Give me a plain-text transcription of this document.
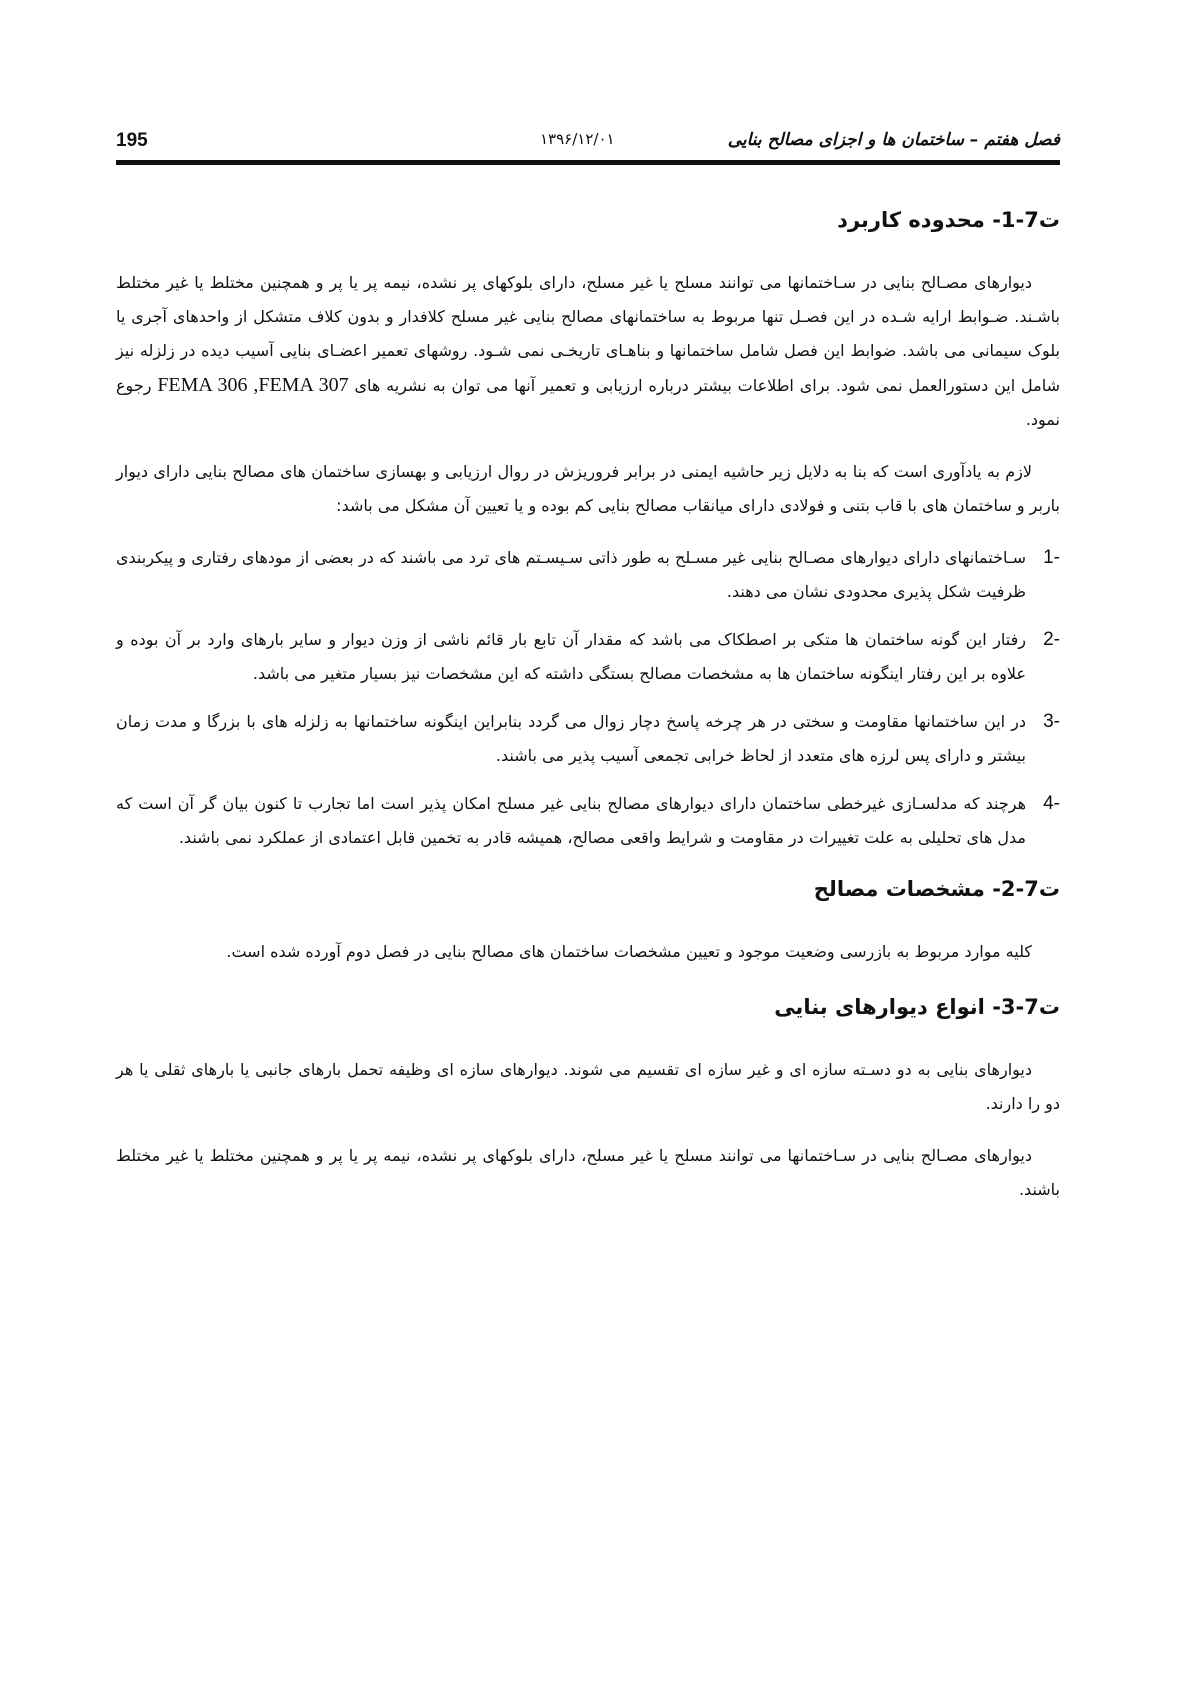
195	۱۳۹۶/۱۲/۰۱	فصل هفتم – ساختمان ها و اجزای مصالح بنایی
ت7-1- محدوده کاربرد

دیوارهای مصـالح بنایی در سـاختمانها می توانند مسلح یا غیر مسلح، دارای بلوکهای پر نشده، نیمه پر یا پر و همچنین مختلط یا غیر مختلط باشـند. ضـوابط ارایه شـده در این فصـل تنها مربوط به ساختمانهای مصالح بنایی غیر مسلح کلافدار و بدون کلاف متشکل از واحدهای آجری یا بلوک سیمانی می باشد. ضوابط این فصل شامل ساختمانها و بناهـای تاریخـی نمی شـود. روشهای تعمیر اعضـای بنایی آسیب دیده در زلزله نیز شامل این دستورالعمل نمی شود. برای اطلاعات بیشتر درباره ارزیابی و تعمیر آنها می توان به نشریه های FEMA 306 ,FEMA 307 رجوع نمود.

لازم به یادآوری است که بنا به دلایل زیر حاشیه ایمنی در برابر فروریزش در روال ارزیابی و بهسازی ساختمان های مصالح بنایی دارای دیوار باربر و ساختمان های با قاب بتنی و فولادی دارای میانقاب مصالح بنایی کم بوده و یا تعیین آن مشکل می باشد:

1-
سـاختمانهای دارای دیوارهای مصـالح بنایی غیر مسـلح به طور ذاتی سـیسـتم های ترد می باشند که در بعضی از مودهای رفتاری و پیکربندی ظرفیت شکل پذیری محدودی نشان می دهند.
2-
رفتار این گونه ساختمان ها متکی بر اصطکاک می باشد که مقدار آن تابع بار قائم ناشی از وزن دیوار و سایر بارهای وارد بر آن بوده و علاوه بر این رفتار اینگونه ساختمان ها به مشخصات مصالح بستگی داشته که این مشخصات نیز بسیار متغیر می باشد.
3-
در این ساختمانها مقاومت و سختی در هر چرخه پاسخ دچار زوال می گردد بنابراین اینگونه ساختمانها به زلزله های با بزرگا و مدت زمان بیشتر و دارای پس لرزه های متعدد از لحاظ خرابی تجمعی آسیب پذیر می باشند.
4-
هرچند که مدلسـازی غیرخطی ساختمان دارای دیوارهای مصالح بنایی غیر مسلح امکان پذیر است اما تجارب تا کنون بیان گر آن است که مدل های تحلیلی به علت تغییرات در مقاومت و شرایط واقعی مصالح، همیشه قادر به تخمین قابل اعتمادی از عملکرد نمی باشند.
ت7-2- مشخصات مصالح

کلیه موارد مربوط به بازرسی وضعیت موجود و تعیین مشخصات ساختمان های مصالح بنایی در فصل دوم آورده شده است.

ت7-3- انواع دیوارهای بنایی

دیوارهای بنایی به دو دسـته سازه ای و غیر سازه ای تقسیم می شوند. دیوارهای سازه ای وظیفه تحمل بارهای جانبی یا بارهای ثقلی یا هر دو را دارند.

دیوارهای مصـالح بنایی در سـاختمانها می توانند مسلح یا غیر مسلح، دارای بلوکهای پر نشده، نیمه پر یا پر و همچنین مختلط یا غیر مختلط باشند.
